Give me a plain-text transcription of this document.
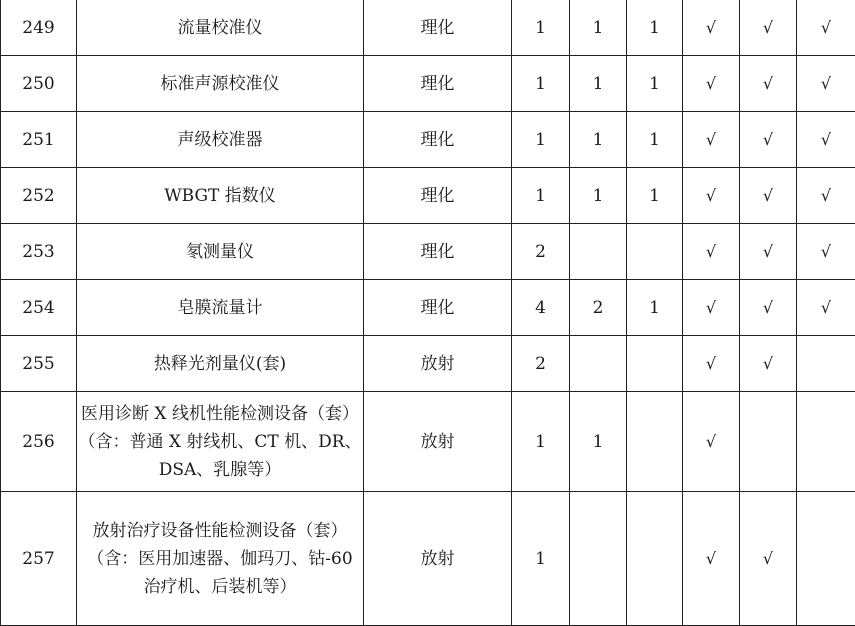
249	流量校准仪	理化	1	1	1	√	√	√
250	标准声源校准仪	理化	1	1	1	√	√	√
251	声级校准器	理化	1	1	1	√	√	√
252	WBGT 指数仪	理化	1	1	1	√	√	√
253	氡测量仪	理化	2			√	√	√
254	皂膜流量计	理化	4	2	1	√	√	√
255	热释光剂量仪(套)	放射	2			√	√	
256	医用诊断 X 线机性能检测设备（套）（含：普通 X 射线机、CT 机、DR、DSA、乳腺等）	放射	1	1		√		
257	放射治疗设备性能检测设备（套）（含：医用加速器、伽玛刀、钴-60 治疗机、后装机等）	放射	1			√	√	
